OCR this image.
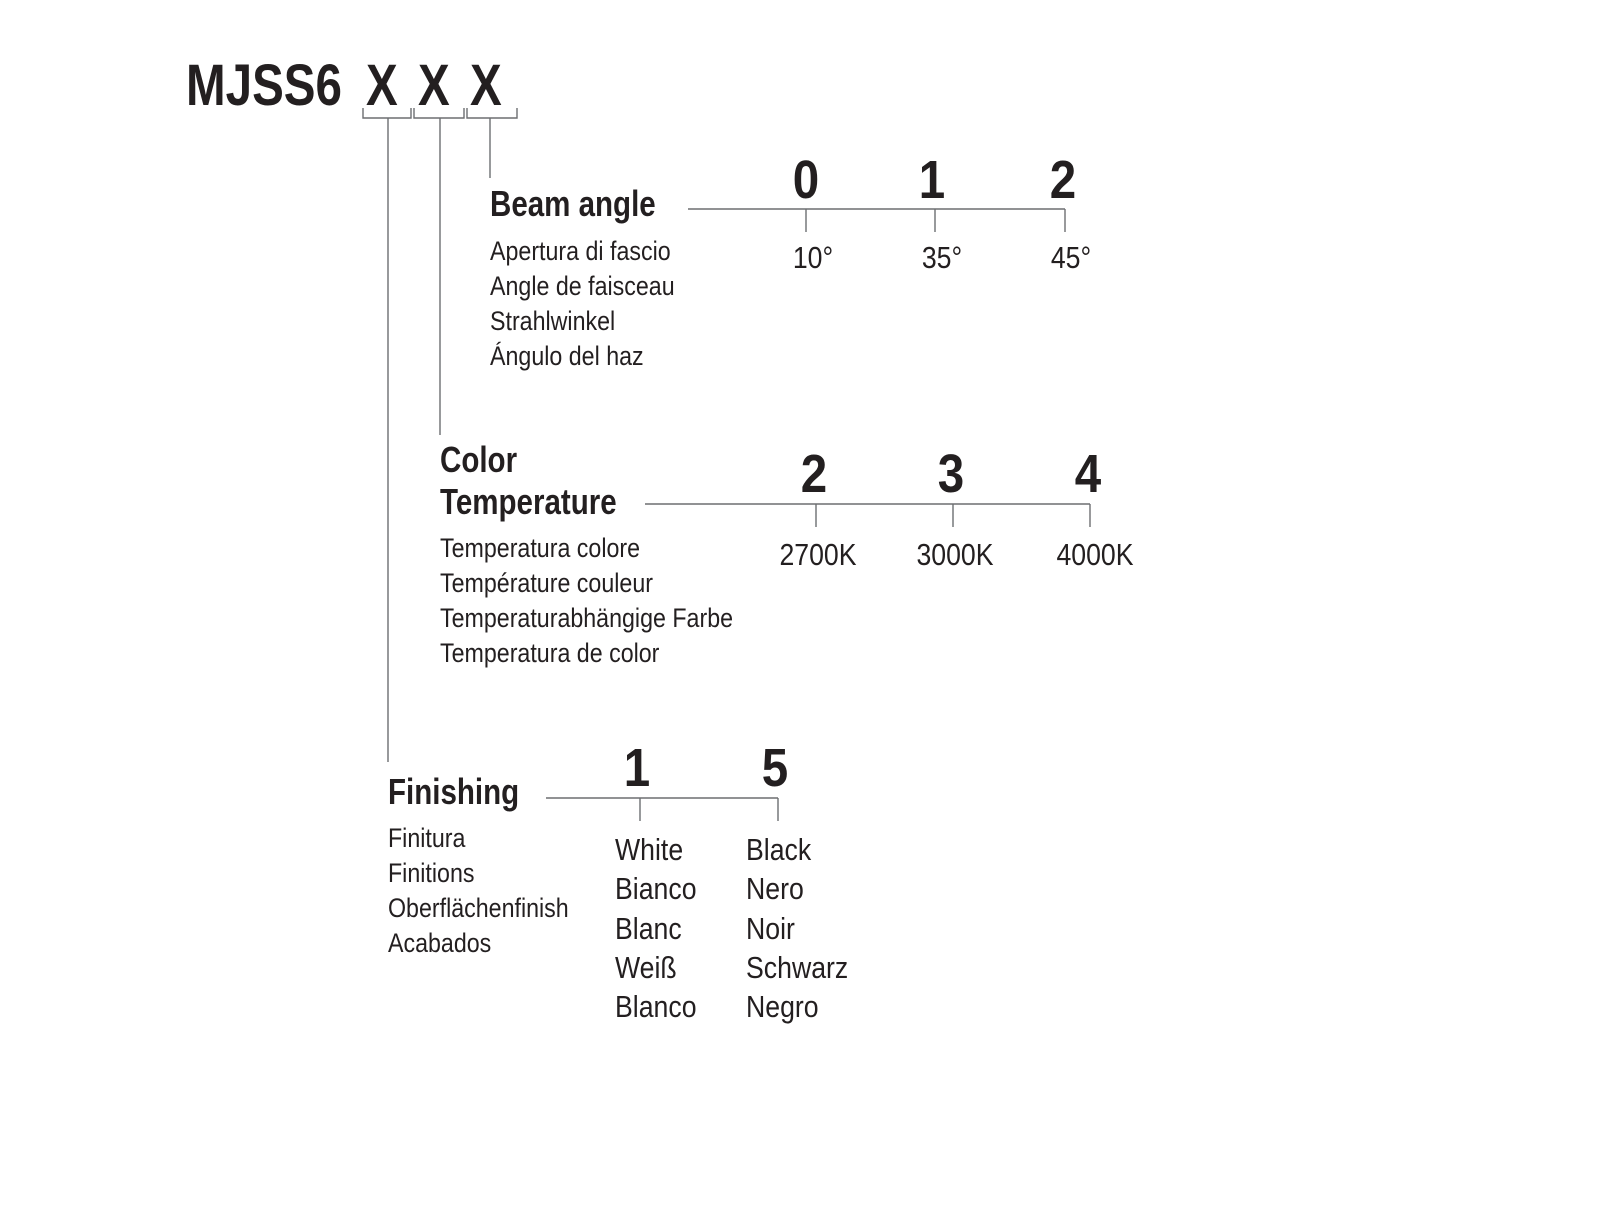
MJSS6 X X X
Beam angle
Apertura di fascio
Angle de faisceau
Strahlwinkel
Ángulo del haz
0 1 2
10°	35°	45°
Color
Temperature
Temperatura colore
Température couleur
Temperaturabhängige Farbe
Temperatura de color
2 3 4
2700K 3000K 4000K
Finishing
Finitura
Finitions
Oberflächenfinish
Acabados
1 5
White
Bianco
Blanc
Weiß
Blanco
Black
Nero
Noir
Schwarz
Negro
